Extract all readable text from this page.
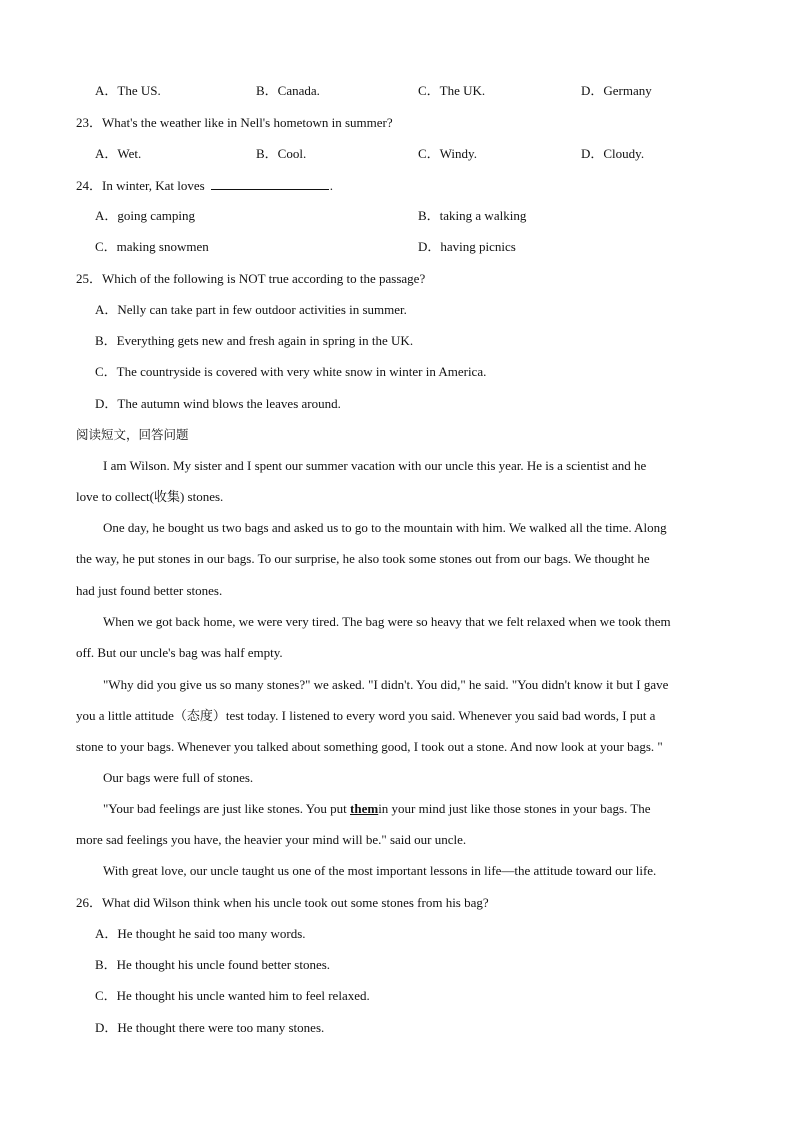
A．The US.	B．Canada.	C．The UK.	D．Germany
23．What's the weather like in Nell's hometown in summer?
A．Wet.	B．Cool.	C．Windy.	D．Cloudy.
24．In winter, Kat loves	.
A．going camping	B．taking a walking
C．making snowmen	D．having picnics
25．Which of the following is NOT true according to the passage?
A．Nelly can take part in few outdoor activities in summer.
B．Everything gets new and fresh again in spring in the UK.
C．The countryside is covered with very white snow in winter in America.
D．The autumn wind blows the leaves around.
阅读短文，回答问题
I am Wilson. My sister and I spent our summer vacation with our uncle this year. He is a scientist and he
love to collect(收集) stones.
One day, he bought us two bags and asked us to go to the mountain with him. We walked all the time. Along
the way, he put stones in our bags. To our surprise, he also took some stones out from our bags. We thought he
had just found better stones.
When we got back home, we were very tired. The bag were so heavy that we felt relaxed when we took them
off. But our uncle's bag was half empty.
"Why did you give us so many stones?" we asked. "I didn't. You did," he said. "You didn't know it but I gave
you a little attitude（态度）test today. I listened to every word you said. Whenever you said bad words, I put a
stone to your bags. Whenever you talked about something good, I took out a stone. And now look at your bags. "
Our bags were full of stones.
"Your bad feelings are just like stones. You put themin your mind just like those stones in your bags. The
more sad feelings you have, the heavier your mind will be." said our uncle.
With great love, our uncle taught us one of the most important lessons in life—the attitude toward our life.
26．What did Wilson think when his uncle took out some stones from his bag?
A．He thought he said too many words.
B．He thought his uncle found better stones.
C．He thought his uncle wanted him to feel relaxed.
D．He thought there were too many stones.
